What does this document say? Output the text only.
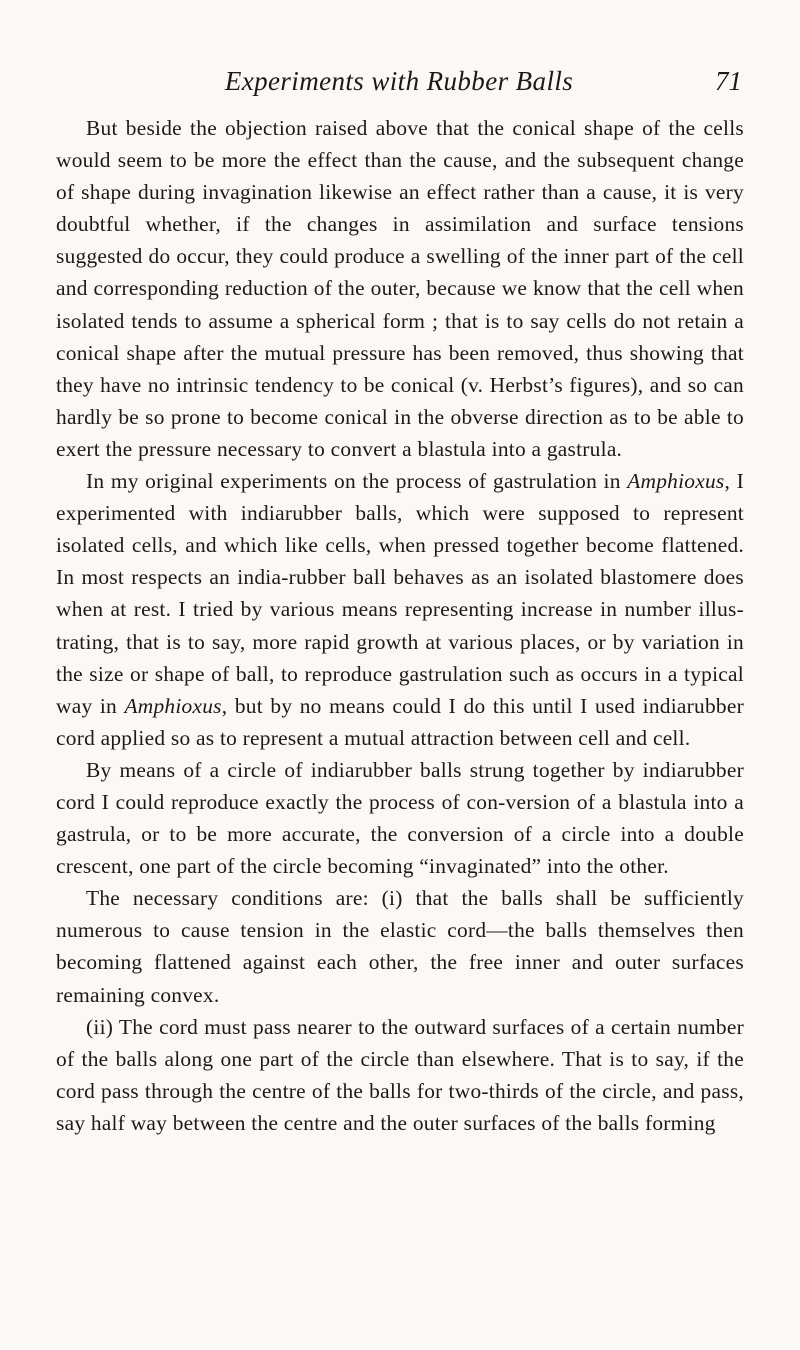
Experiments with Rubber Balls	71

But beside the objection raised above that the conical shape of the cells would seem to be more the effect than the cause, and the subsequent change of shape during invagination likewise an effect rather than a cause, it is very doubtful whether, if the changes in assimilation and surface tensions suggested do occur, they could produce a swelling of the inner part of the cell and corresponding reduction of the outer, because we know that the cell when isolated tends to assume a spherical form ; that is to say cells do not retain a conical shape after the mutual pressure has been removed, thus showing that they have no intrinsic tendency to be conical (v. Herbst’s figures), and so can hardly be so prone to become conical in the obverse direction as to be able to exert the pressure necessary to convert a blastula into a gastrula.

In my original experiments on the process of gastrulation in Amphioxus, I experimented with indiarubber balls, which were supposed to represent isolated cells, and which like cells, when pressed together become flattened. In most respects an india-rubber ball behaves as an isolated blastomere does when at rest. I tried by various means representing increase in number illus-trating, that is to say, more rapid growth at various places, or by variation in the size or shape of ball, to reproduce gastrulation such as occurs in a typical way in Amphioxus, but by no means could I do this until I used indiarubber cord applied so as to represent a mutual attraction between cell and cell.

By means of a circle of indiarubber balls strung together by indiarubber cord I could reproduce exactly the process of con-version of a blastula into a gastrula, or to be more accurate, the conversion of a circle into a double crescent, one part of the circle becoming “invaginated” into the other.

The necessary conditions are: (i) that the balls shall be sufficiently numerous to cause tension in the elastic cord—the balls themselves then becoming flattened against each other, the free inner and outer surfaces remaining convex.

(ii) The cord must pass nearer to the outward surfaces of a certain number of the balls along one part of the circle than elsewhere. That is to say, if the cord pass through the centre of the balls for two-thirds of the circle, and pass, say half way between the centre and the outer surfaces of the balls forming
